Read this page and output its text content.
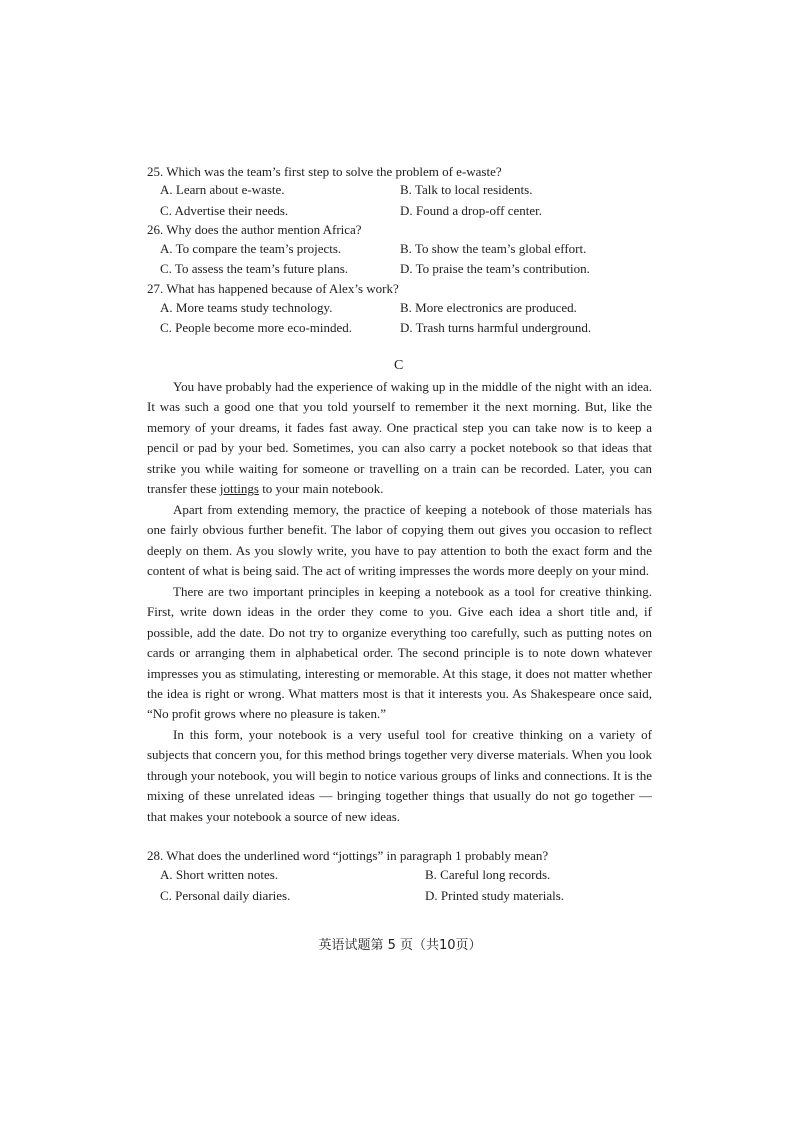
25. Which was the team’s first step to solve the problem of e-waste?
A. Learn about e-waste.	B. Talk to local residents.
C. Advertise their needs.	D. Found a drop-off center.
26. Why does the author mention Africa?
A. To compare the team’s projects.	B. To show the team’s global effort.
C. To assess the team’s future plans.	D. To praise the team’s contribution.
27. What has happened because of Alex’s work?
A. More teams study technology.	B. More electronics are produced.
C. People become more eco-minded.	D. Trash turns harmful underground.
C

You have probably had the experience of waking up in the middle of the night with an idea. It was such a good one that you told yourself to remember it the next morning. But, like the memory of your dreams, it fades fast away. One practical step you can take now is to keep a pencil or pad by your bed. Sometimes, you can also carry a pocket notebook so that ideas that strike you while waiting for someone or travelling on a train can be recorded. Later, you can transfer these jottings to your main notebook.

Apart from extending memory, the practice of keeping a notebook of those materials has one fairly obvious further benefit. The labor of copying them out gives you occasion to reflect deeply on them. As you slowly write, you have to pay attention to both the exact form and the content of what is being said. The act of writing impresses the words more deeply on your mind.

There are two important principles in keeping a notebook as a tool for creative thinking. First, write down ideas in the order they come to you. Give each idea a short title and, if possible, add the date. Do not try to organize everything too carefully, such as putting notes on cards or arranging them in alphabetical order. The second principle is to note down whatever impresses you as stimulating, interesting or memorable. At this stage, it does not matter whether the idea is right or wrong. What matters most is that it interests you. As Shakespeare once said, “No profit grows where no pleasure is taken.”

In this form, your notebook is a very useful tool for creative thinking on a variety of subjects that concern you, for this method brings together very diverse materials. When you look through your notebook, you will begin to notice various groups of links and connections. It is the mixing of these unrelated ideas — bringing together things that usually do not go together — that makes your notebook a source of new ideas.

28. What does the underlined word “jottings” in paragraph 1 probably mean?
A. Short written notes.	B. Careful long records.
C. Personal daily diaries.	D. Printed study materials.
英语试题第 5 页（共10页）
